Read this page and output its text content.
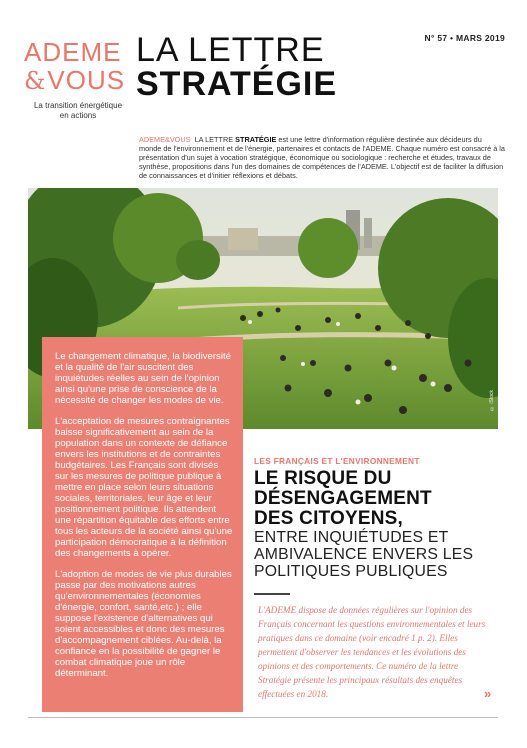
ADEME
&VOUS
La transition énergétique
en actions
LA LETTRE
STRATÉGIE
N° 57 • MARS 2019
ADEME&VOUS LA LETTRE STRATÉGIE est une lettre d'information régulière destinée aux décideurs du monde de l'environnement et de l'énergie, partenaires et contacts de l'ADEME. Chaque numéro est consacré à la présentation d'un sujet à vocation stratégique, économique ou sociologique : recherche et études, travaux de synthèse, propositions dans l'un des domaines de compétences de l'ADEME. L'objectif est de faciliter la diffusion de connaissances et d'initier réflexions et débats.
© iStock

Le changement climatique, la biodiversité et la qualité de l'air suscitent des inquiétudes réelles au sein de l'opinion ainsi qu'une prise de conscience de la nécessité de changer les modes de vie.

L'acceptation de mesures contraignantes baisse significativement au sein de la population dans un contexte de défiance envers les institutions et de contraintes budgétaires. Les Français sont divisés sur les mesures de politique publique à mettre en place selon leurs situations sociales, territoriales, leur âge et leur positionnement politique. Ils attendent une répartition équitable des efforts entre tous les acteurs de la société ainsi qu'une participation démocratique à la définition des changements à opérer.

L'adoption de modes de vie plus durables passe par des motivations autres qu'environnementales (économies d'énergie, confort, santé,etc.) ; elle suppose l'existence d'alternatives qui soient accessibles et donc des mesures d'accompagnement ciblées. Au-delà, la confiance en la possibilité de gagner le combat climatique joue un rôle déterminant.

LES FRANÇAIS ET L'ENVIRONNEMENT
LE RISQUE DU
DÉSENGAGEMENT
DES CITOYENS,
ENTRE INQUIÉTUDES ET
AMBIVALENCE ENVERS LES
POLITIQUES PUBLIQUES
L'ADEME dispose de données régulières sur l'opinion des Français concernant les questions environnementales et leurs pratiques dans ce domaine (voir encadré 1 p. 2). Elles permettent d'observer les tendances et les évolutions des opinions et des comportements. Ce numéro de la lettre Stratégie présente les principaux résultats des enquêtes effectuées en 2018.	»
